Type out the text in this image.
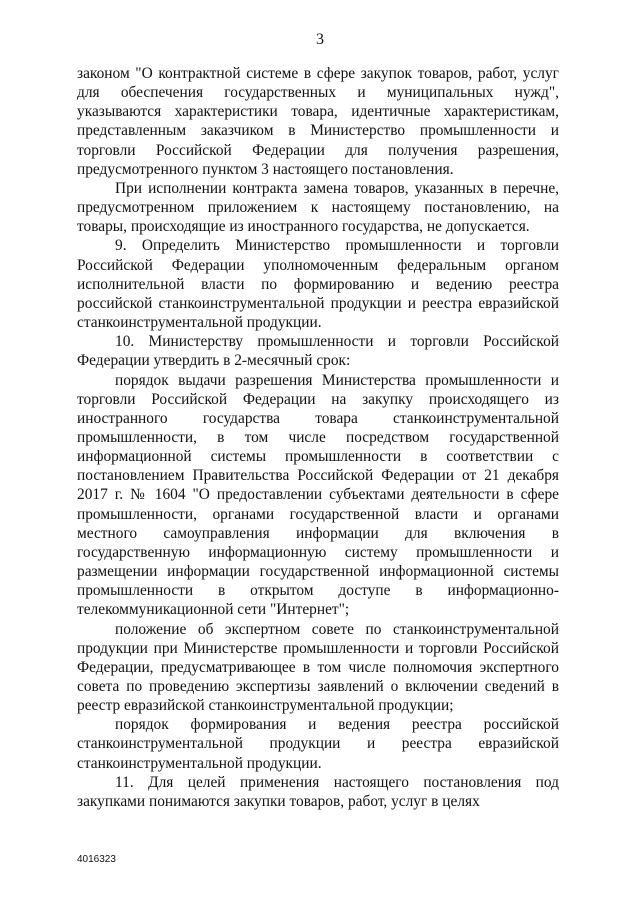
3

законом "О контрактной системе в сфере закупок товаров, работ, услуг для обеспечения государственных и муниципальных нужд", указываются характеристики товара, идентичные характеристикам, представленным заказчиком в Министерство промышленности и торговли Российской Федерации для получения разрешения, предусмотренного пунктом 3 настоящего постановления.

При исполнении контракта замена товаров, указанных в перечне, предусмотренном приложением к настоящему постановлению, на товары, происходящие из иностранного государства, не допускается.

9. Определить Министерство промышленности и торговли Российской Федерации уполномоченным федеральным органом исполнительной власти по формированию и ведению реестра российской станкоинструментальной продукции и реестра евразийской станкоинструментальной продукции.

10. Министерству промышленности и торговли Российской Федерации утвердить в 2-месячный срок:

порядок выдачи разрешения Министерства промышленности и торговли Российской Федерации на закупку происходящего из иностранного государства товара станкоинструментальной промышленности, в том числе посредством государственной информационной системы промышленности в соответствии с постановлением Правительства Российской Федерации от 21 декабря 2017 г. № 1604 "О предоставлении субъектами деятельности в сфере промышленности, органами государственной власти и органами местного самоуправления информации для включения в государственную информационную систему промышленности и размещении информации государственной информационной системы промышленности в открытом доступе в информационно-телекоммуникационной сети "Интернет";

положение об экспертном совете по станкоинструментальной продукции при Министерстве промышленности и торговли Российской Федерации, предусматривающее в том числе полномочия экспертного совета по проведению экспертизы заявлений о включении сведений в реестр евразийской станкоинструментальной продукции;

порядок формирования и ведения реестра российской станкоинструментальной продукции и реестра евразийской станкоинструментальной продукции.

11. Для целей применения настоящего постановления под закупками понимаются закупки товаров, работ, услуг в целях

4016323
